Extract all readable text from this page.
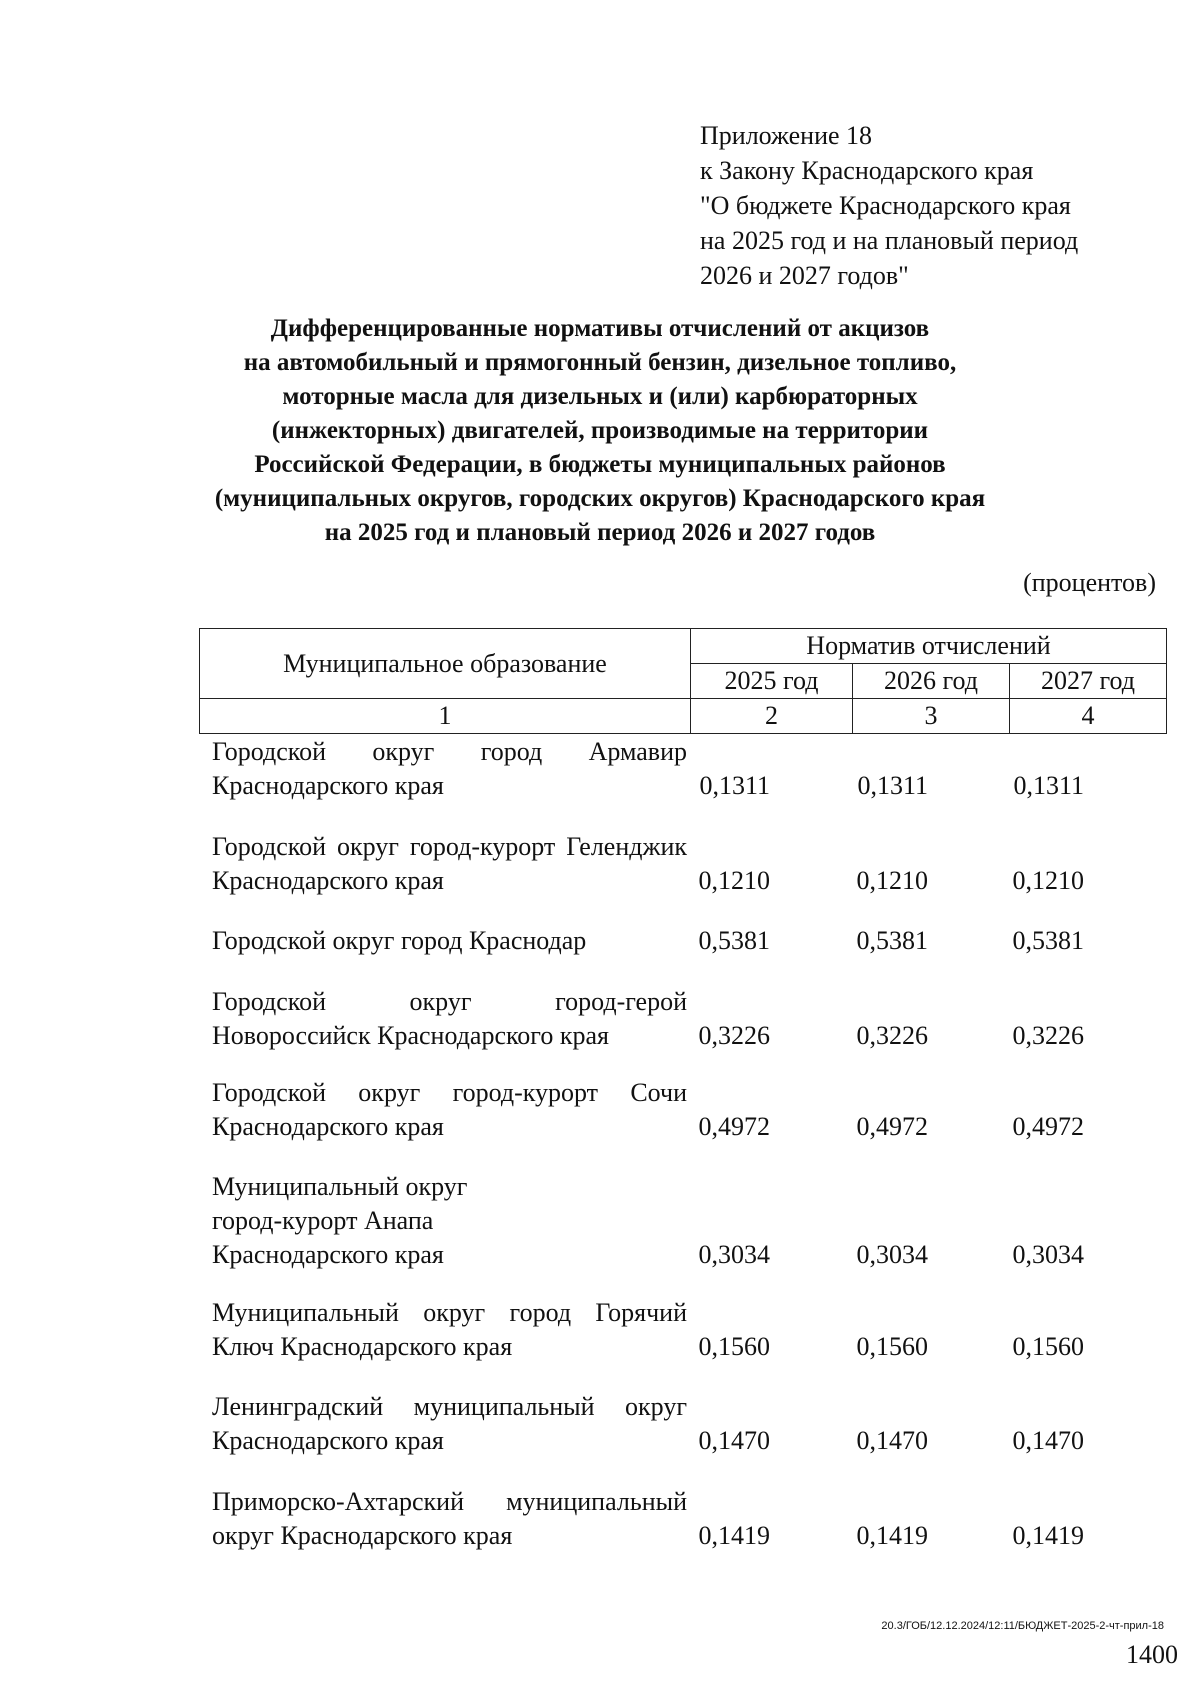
Приложение 18
к Закону Краснодарского края
"О бюджете Краснодарского края
на 2025 год и на плановый период
2026 и 2027 годов"
Дифференцированные нормативы отчислений от акцизов
на автомобильный и прямогонный бензин, дизельное топливо,
моторные масла для дизельных и (или) карбюраторных
(инжекторных) двигателей, производимые на территории
Российской Федерации, в бюджеты муниципальных районов
(муниципальных округов, городских округов) Краснодарского края
на 2025 год и плановый период 2026 и 2027 годов
(процентов)
Муниципальное образование	Норматив отчислений		
	2025 год	2026 год	2027 год
1	2	3	4
Городской округ город Армавир Краснодарского края	0,1311	0,1311	0,1311
Городской округ город-курорт Геленджик Краснодарского края	0,1210	0,1210	0,1210
Городской округ город Краснодар	0,5381	0,5381	0,5381
Городской округ город-герой Новороссийск Краснодарского края	0,3226	0,3226	0,3226
Городской округ город-курорт Сочи Краснодарского края	0,4972	0,4972	0,4972
Муниципальный округ город-курорт Анапа Краснодарского края	0,3034	0,3034	0,3034
Муниципальный округ город Горячий Ключ Краснодарского края	0,1560	0,1560	0,1560
Ленинградский муниципальный округ Краснодарского края	0,1470	0,1470	0,1470
Приморско-Ахтарский муниципальный округ Краснодарского края	0,1419	0,1419	0,1419
20.3/ГОБ/12.12.2024/12:11/БЮДЖЕТ-2025-2-чт-прил-18
1400
